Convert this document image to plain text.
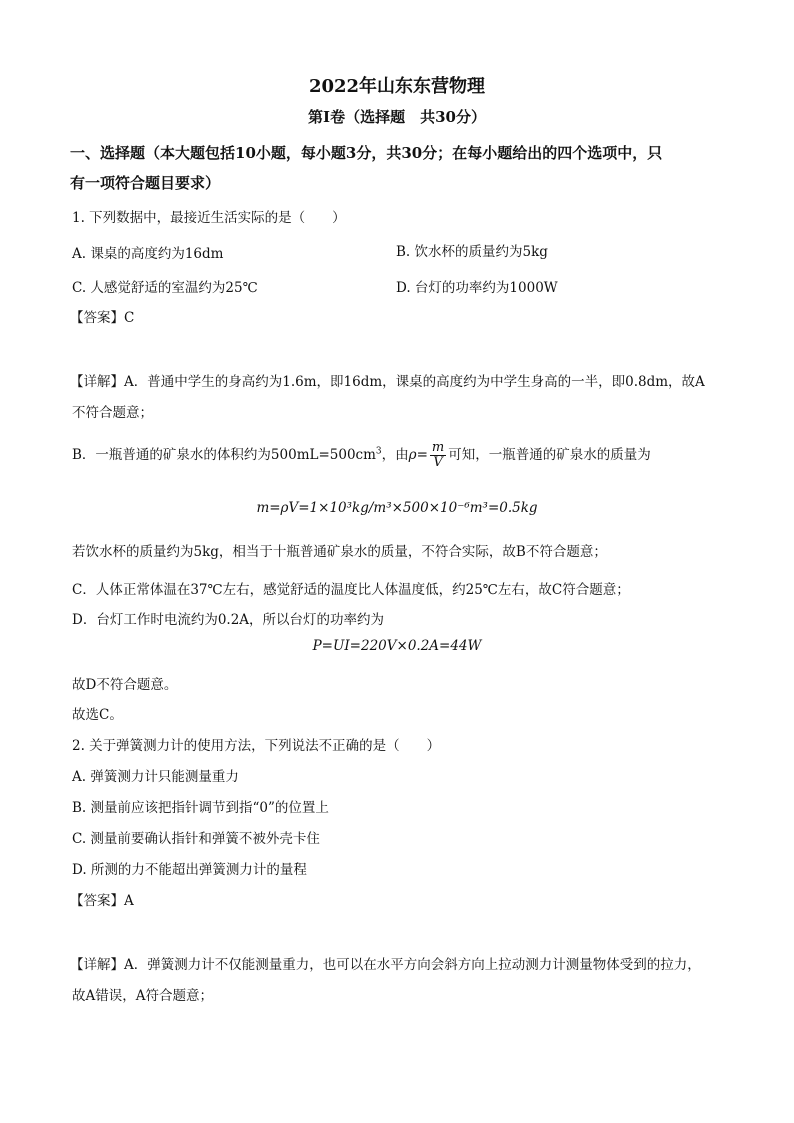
2022年山东东营物理
第Ⅰ卷（选择题　共30分）
一、选择题（本大题包括10小题，每小题3分，共30分；在每小题给出的四个选项中，只
有一项符合题目要求）
1. 下列数据中，最接近生活实际的是（　　）
A. 课桌的高度约为16dm	B. 饮水杯的质量约为5kg
C. 人感觉舒适的室温约为25℃	D. 台灯的功率约为1000W
【答案】C
【详解】A．普通中学生的身高约为1.6m，即16dm，课桌的高度约为中学生身高的一半，即0.8dm，故A
不符合题意；
B．一瓶普通的矿泉水的体积约为$500mL=500cm^3$，由$\rho= \frac{m}{V}$ 可知，一瓶普通的矿泉水的质量为
m=ρV=1×10³kg/m³×500×10⁻⁶m³=0.5kg
若饮水杯的质量约为5kg，相当于十瓶普通矿泉水的质量，不符合实际，故B不符合题意；
C．人体正常体温在37℃左右，感觉舒适的温度比人体温度低，约25℃左右，故C符合题意；
D．台灯工作时电流约为0.2A，所以台灯的功率约为
P=UI=220V×0.2A=44W
故D不符合题意。
故选C。
2. 关于弹簧测力计的使用方法，下列说法不正确的是（　　）
A. 弹簧测力计只能测量重力
B. 测量前应该把指针调节到指“0”的位置上
C. 测量前要确认指针和弹簧不被外壳卡住
D. 所测的力不能超出弹簧测力计的量程
【答案】A
【详解】A．弹簧测力计不仅能测量重力，也可以在水平方向会斜方向上拉动测力计测量物体受到的拉力，
故A错误，A符合题意；
